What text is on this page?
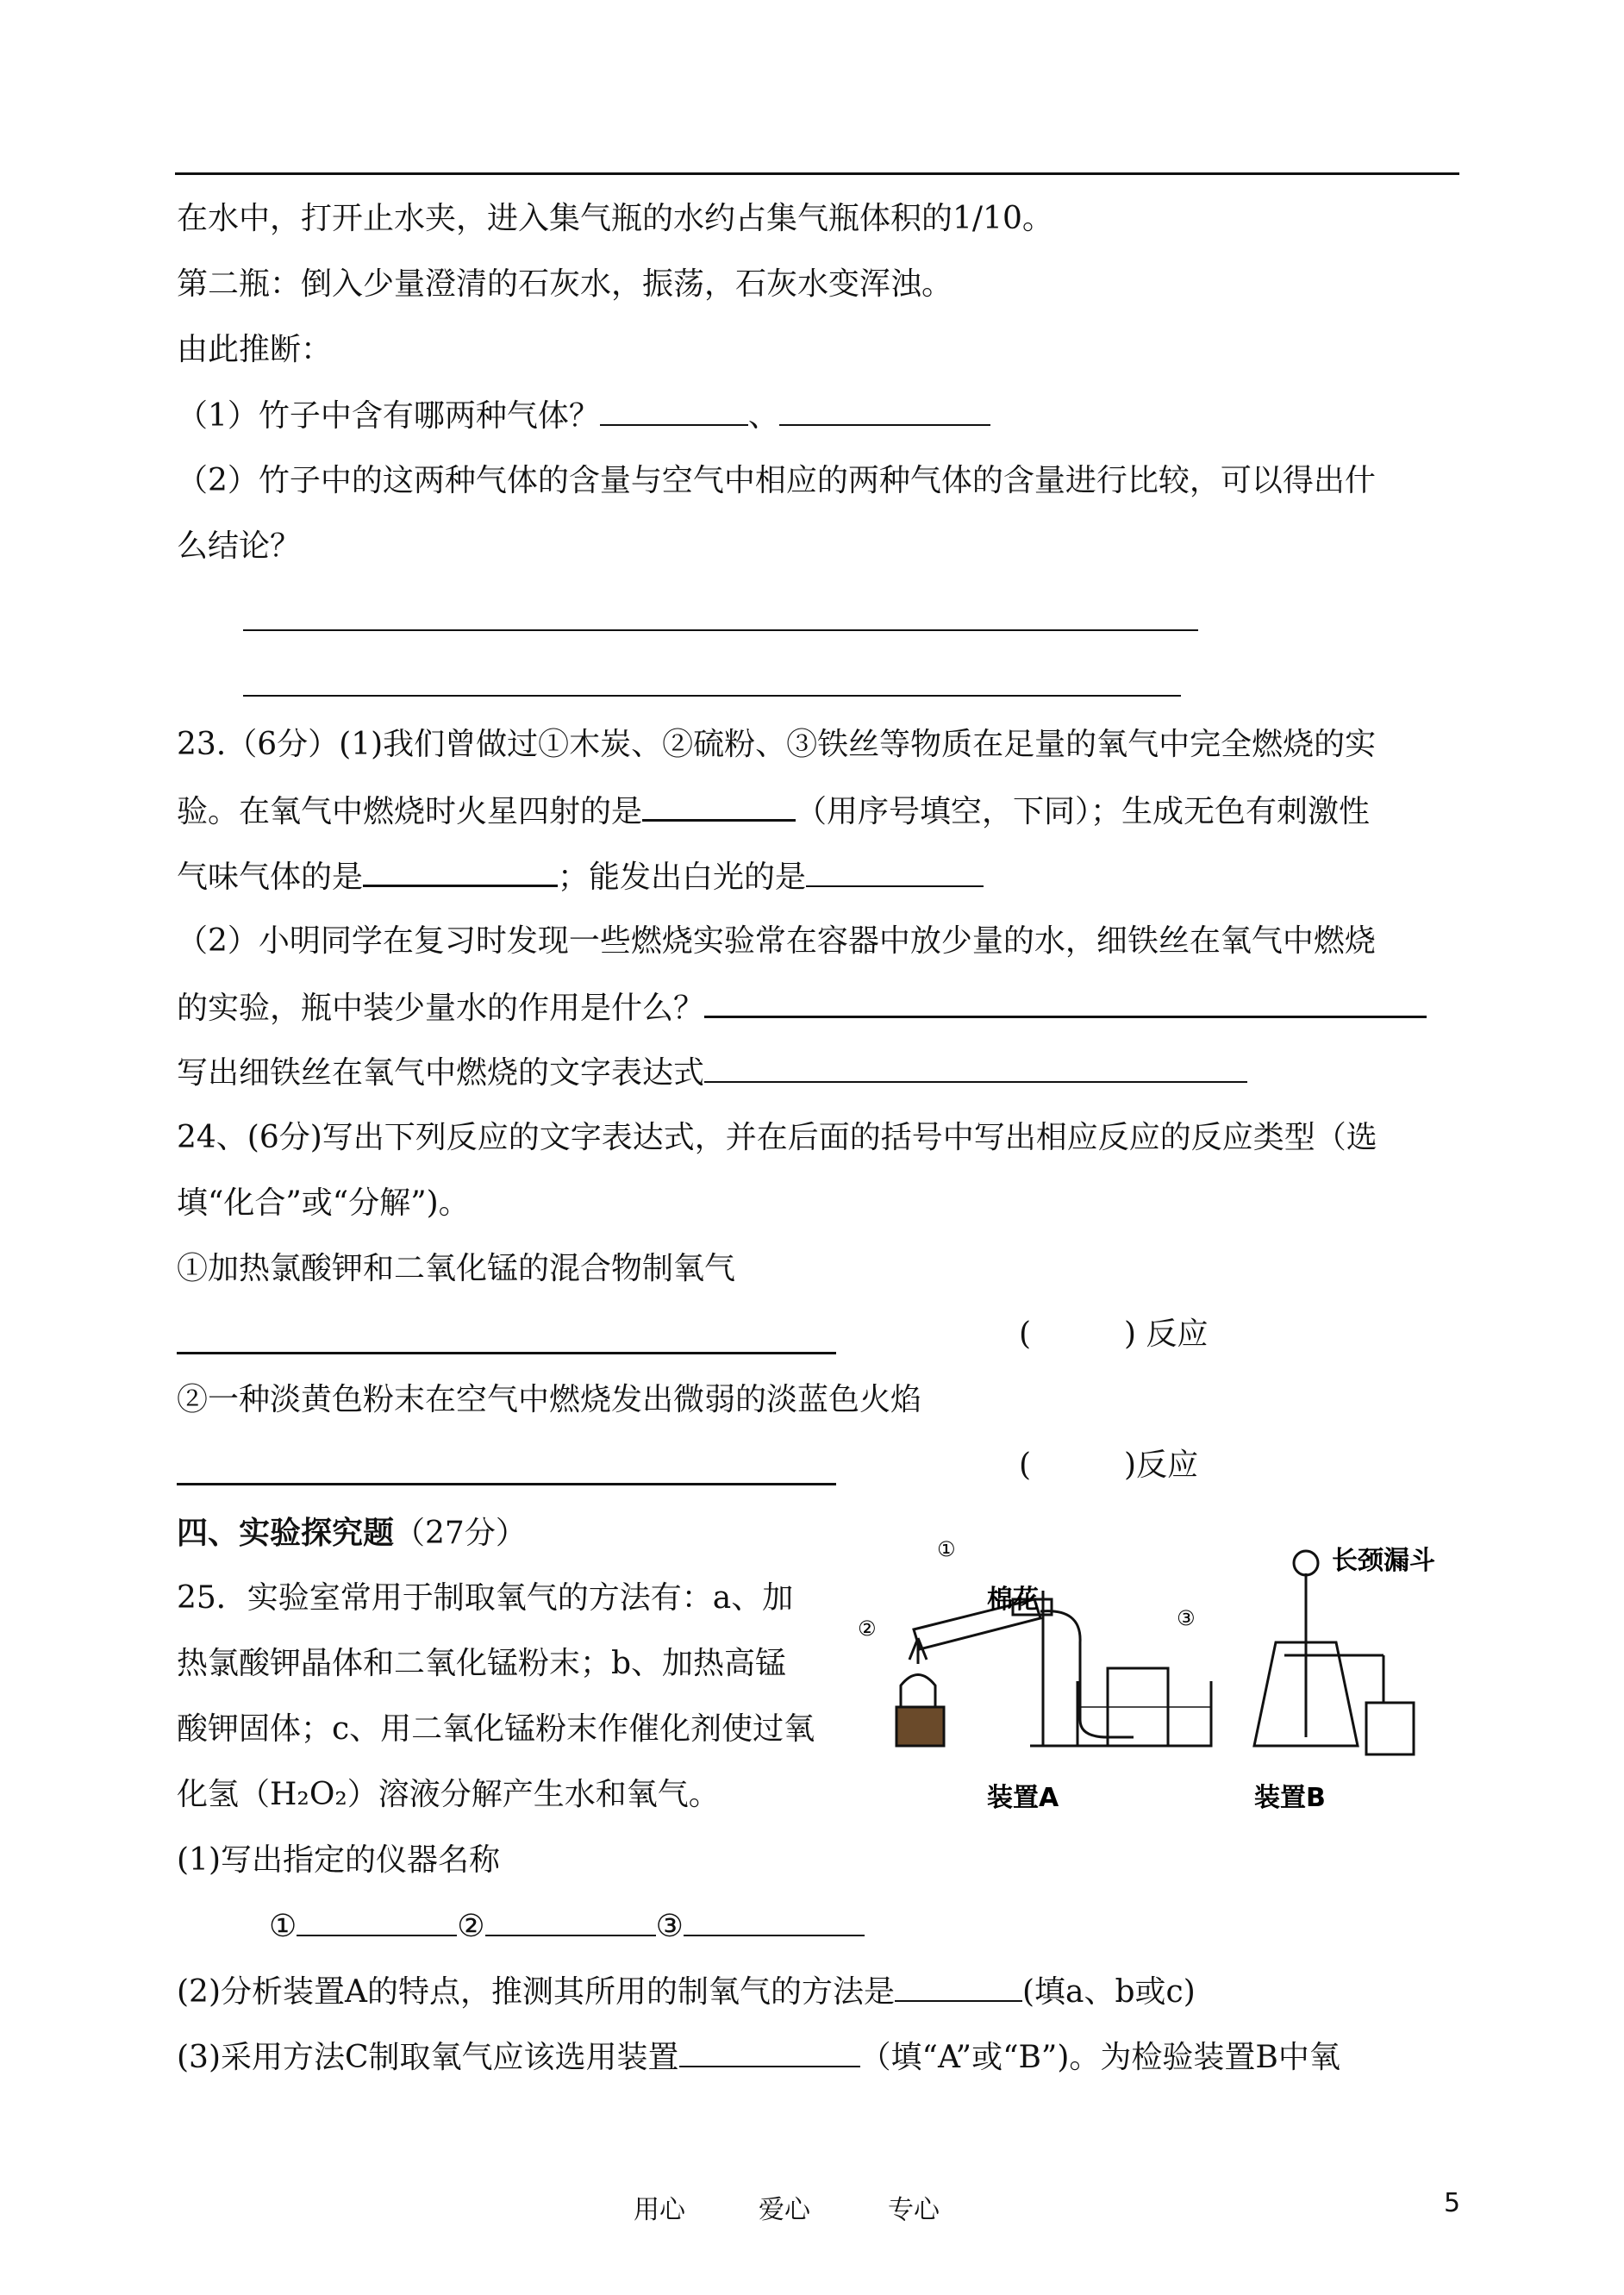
在水中，打开止水夹，进入集气瓶的水约占集气瓶体积的1/10。
第二瓶：倒入少量澄清的石灰水，振荡，石灰水变浑浊。
由此推断：
（1）竹子中含有哪两种气体？	、
（2）竹子中的这两种气体的含量与空气中相应的两种气体的含量进行比较，可以得出什
么结论？
23.（6分）(1)我们曾做过①木炭、②硫粉、③铁丝等物质在足量的氧气中完全燃烧的实
验。在氧气中燃烧时火星四射的是	（用序号填空，下同）；生成无色有刺激性
气味气体的是	；能发出白光的是
（2）小明同学在复习时发现一些燃烧实验常在容器中放少量的水，细铁丝在氧气中燃烧
的实验，瓶中装少量水的作用是什么？
写出细铁丝在氧气中燃烧的文字表达式
24、(6分)写出下列反应的文字表达式，并在后面的括号中写出相应反应的反应类型（选
填“化合”或“分解”)。
①加热氯酸钾和二氧化锰的混合物制氧气
(　　　) 反应
②一种淡黄色粉末在空气中燃烧发出微弱的淡蓝色火焰
(　　　)反应
四、实验探究题（27分）
25．实验室常用于制取氧气的方法有：a、加
热氯酸钾晶体和二氧化锰粉末；b、加热高锰
酸钾固体；c、用二氧化锰粉末作催化剂使过氧
化氢（H₂O₂）溶液分解产生水和氧气。
(1)写出指定的仪器名称
①	②	③
(2)分析装置A的特点，推测其所用的制氧气的方法是	(填a、b或c)
(3)采用方法C制取氧气应该选用装置	（填“A”或“B”)。为检验装置B中氧
棉花
长颈漏斗
装置A	装置B
①
②	③
用心	爱心	专心	5
